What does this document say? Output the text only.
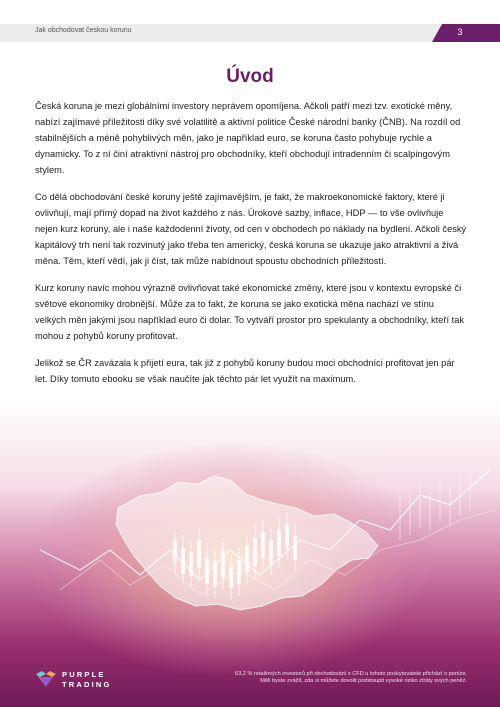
Jak obchodovat českou korunu	3
Úvod

Česká koruna je mezi globálními investory neprávem opomíjena. Ačkoli patří mezi tzv. exotické měny, nabízí zajímavé příležitosti díky své volatilitě a aktivní politice České národní banky (ČNB). Na rozdíl od stabilnějších a méně pohyblivých měn, jako je například euro, se koruna často pohybuje rychle a dynamicky. To z ní činí atraktivní nástroj pro obchodníky, kteří obchodují intradenním či scalpingovým stylem.

Co dělá obchodování české koruny ještě zajímavějším, je fakt, že makroekonomické faktory, které ji ovlivňují, mají přímý dopad na život každého z nás. Úrokové sazby, inflace, HDP — to vše ovlivňuje nejen kurz koruny, ale i naše každodenní životy, od cen v obchodech po náklady na bydlení. Ačkoli český kapitálový trh není tak rozvinutý jako třeba ten americký, česká koruna se ukazuje jako atraktivní a živá měna. Těm, kteří vědí, jak ji číst, tak může nabídnout spoustu obchodních příležitostí.

Kurz koruny navíc mohou výrazně ovlivňovat také ekonomické změny, které jsou v kontextu evropské či světové ekonomiky drobnější. Může za to fakt, že koruna se jako exotická měna nachází ve stínu velkých měn jakými jsou například euro či dolar. To vytváří prostor pro spekulanty a obchodníky, kteří tak mohou z pohybů koruny profitovat.

Jelikož se ČR zavázala k přijetí eura, tak již z pohybů koruny budou moci obchodníci profitovat jen pár let. Díky tomuto ebooku se však naučíte jak těchto pár let využít na maximum.

PURPLE
TRADING
63,2 % retailových investorů při obchodování s CFD u tohoto poskytovatele přichází o peníze.
Měli byste zvážit, zda si můžete dovolit podstoupit vysoké riziko ztráty svých peněz.
